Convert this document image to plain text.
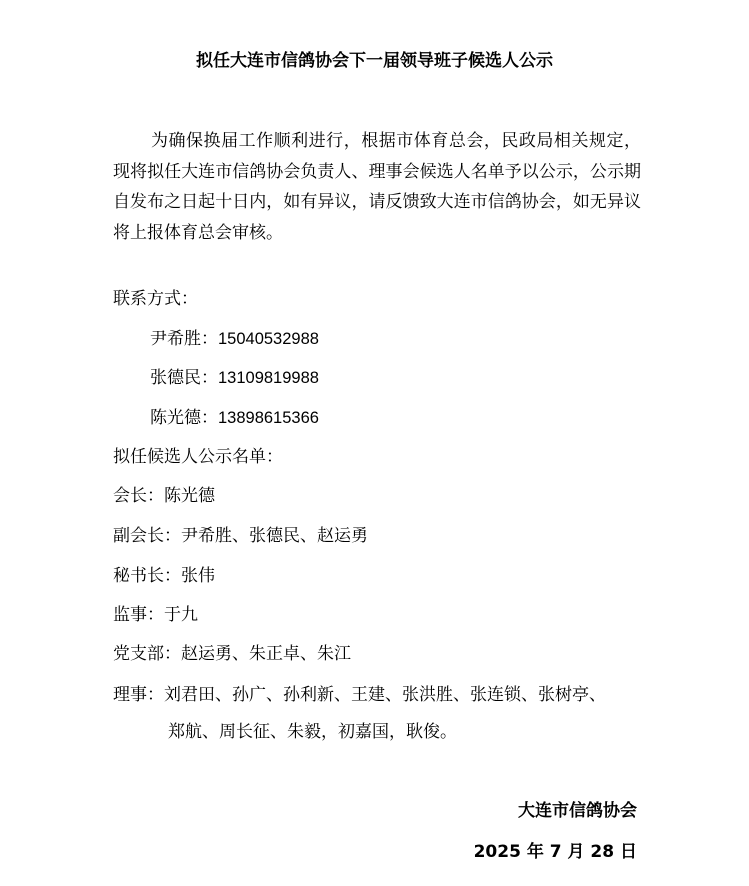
拟任大连市信鸽协会下一届领导班子候选人公示
为确保换届工作顺利进行，根据市体育总会，民政局相关规定，现将拟任大连市信鸽协会负责人、理事会候选人名单予以公示，公示期自发布之日起十日内，如有异议，请反馈致大连市信鸽协会，如无异议将上报体育总会审核。
联系方式：
尹希胜：15040532988
张德民：13109819988
陈光德：13898615366
拟任候选人公示名单：
会长：陈光德
副会长：尹希胜、张德民、赵运勇
秘书长：张伟
监事：于九
党支部：赵运勇、朱正卓、朱江
理事：刘君田、孙广、孙利新、王建、张洪胜、张连锁、张树亭、
郑航、周长征、朱毅，初嘉国，耿俊。
大连市信鸽协会
2025 年 7 月 28 日
